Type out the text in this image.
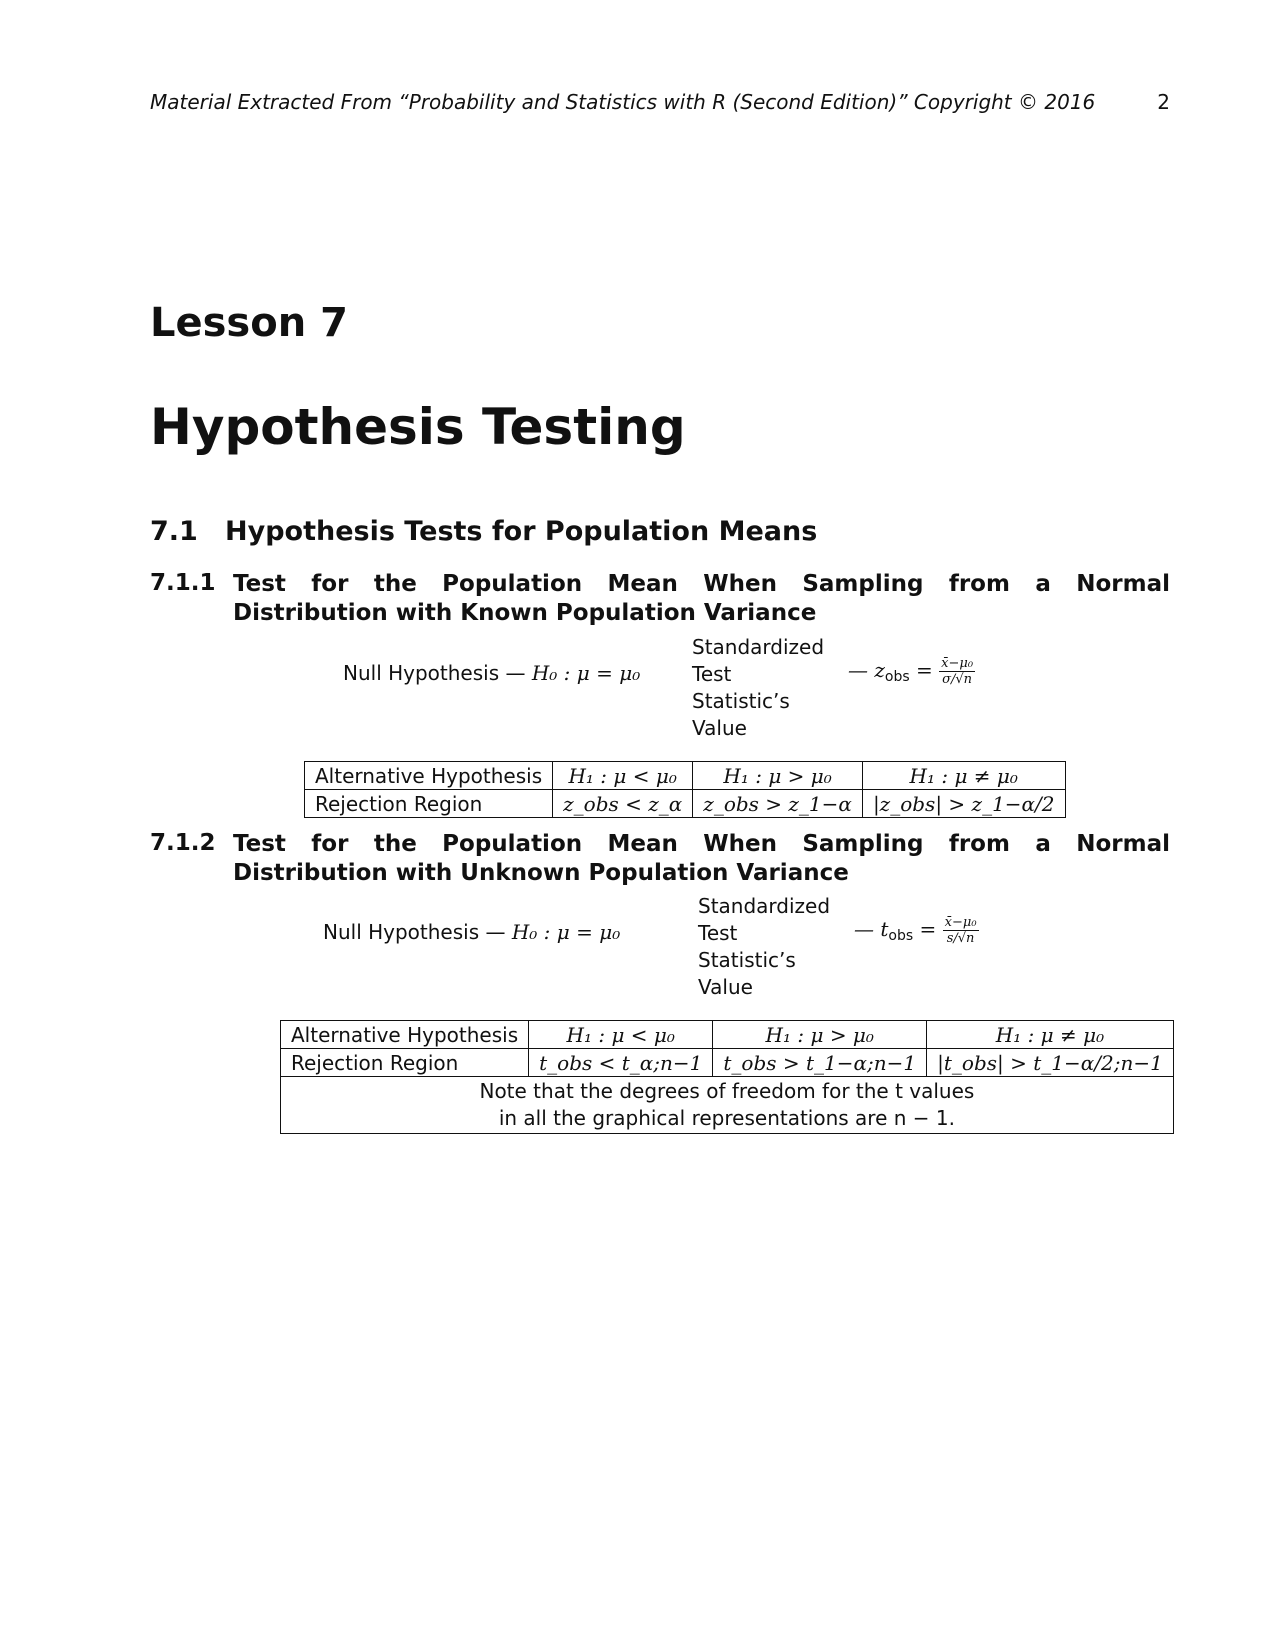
Material Extracted From “Probability and Statistics with R (Second Edition)” Copyright © 2016	2
Lesson 7
Hypothesis Testing
7.1 Hypothesis Tests for Population Means
7.1.1 Test for the Population Mean When Sampling from a Normal Distribution with Known Population Variance
Null Hypothesis — H₀ : μ = μ₀
Standardized
Test Statistic’s
Value
— $z_{obs} = \frac{\text{x̄−μ₀}}{\sigma/√n}$
Alternative Hypothesis	H₁ : μ < μ₀	H₁ : μ > μ₀	H₁ : μ ≠ μ₀
Rejection Region	z_obs < z_α	z_obs > z_1−α	|z_obs| > z_1−α/2
7.1.2 Test for the Population Mean When Sampling from a Normal Distribution with Unknown Population Variance
Null Hypothesis — H₀ : μ = μ₀
Standardized
Test Statistic’s
Value
— $t_{obs} = \frac{\text{x̄−μ₀}}{s/√n}$
Alternative Hypothesis	H₁ : μ < μ₀	H₁ : μ > μ₀	H₁ : μ ≠ μ₀
Rejection Region	t_obs < t_α;n−1	t_obs > t_1−α;n−1	|t_obs| > t_1−α/2;n−1

Note that the degrees of freedom for the t values
in all the graphical representations are n − 1.			
